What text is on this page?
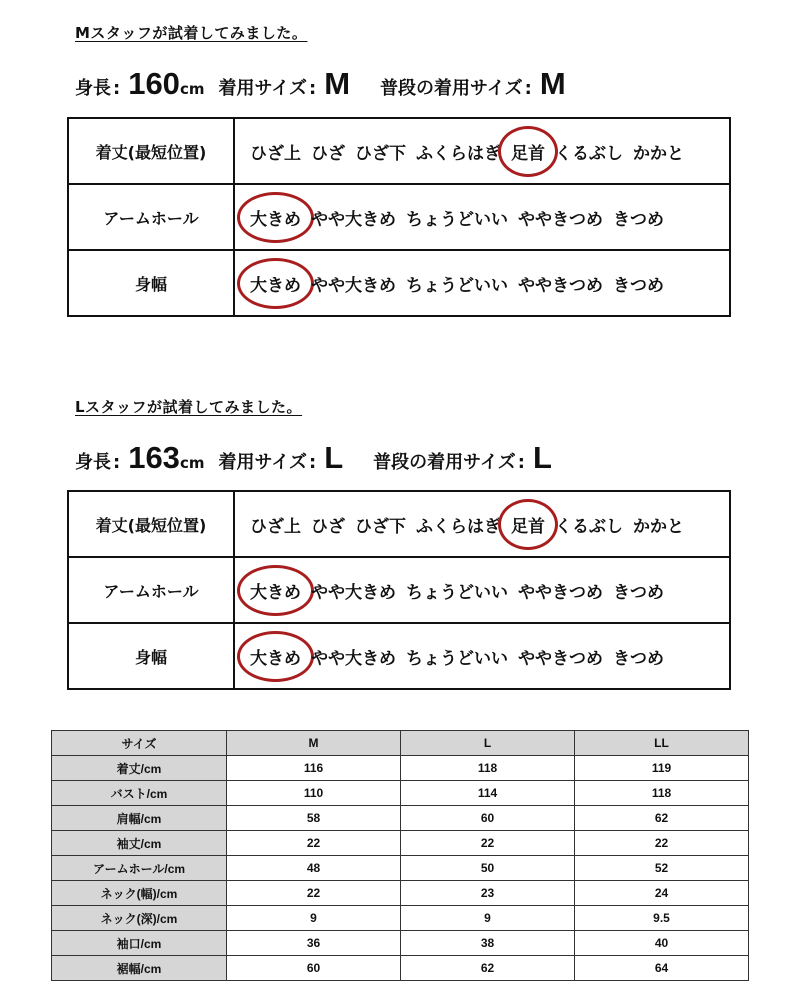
Mスタッフが試着してみました。
身長 : 160 cm 着用サイズ : M 普段の着用サイズ : M
着丈(最短位置)	ひざ上 ひざ ひざ下 ふくらはぎ 足首 くるぶし かかと
アームホール	大きめ やや大きめ ちょうどいい ややきつめ きつめ
身幅	大きめ やや大きめ ちょうどいい ややきつめ きつめ
Lスタッフが試着してみました。
身長 : 163 cm 着用サイズ : L 普段の着用サイズ : L
着丈(最短位置)	ひざ上 ひざ ひざ下 ふくらはぎ 足首 くるぶし かかと
アームホール	大きめ やや大きめ ちょうどいい ややきつめ きつめ
身幅	大きめ やや大きめ ちょうどいい ややきつめ きつめ
サイズ	M	L	LL
着丈/cm	116	118	119
バスト/cm	110	114	118
肩幅/cm	58	60	62
袖丈/cm	22	22	22
アームホール/cm	48	50	52
ネック(幅)/cm	22	23	24
ネック(深)/cm	9	9	9.5
袖口/cm	36	38	40
裾幅/cm	60	62	64
